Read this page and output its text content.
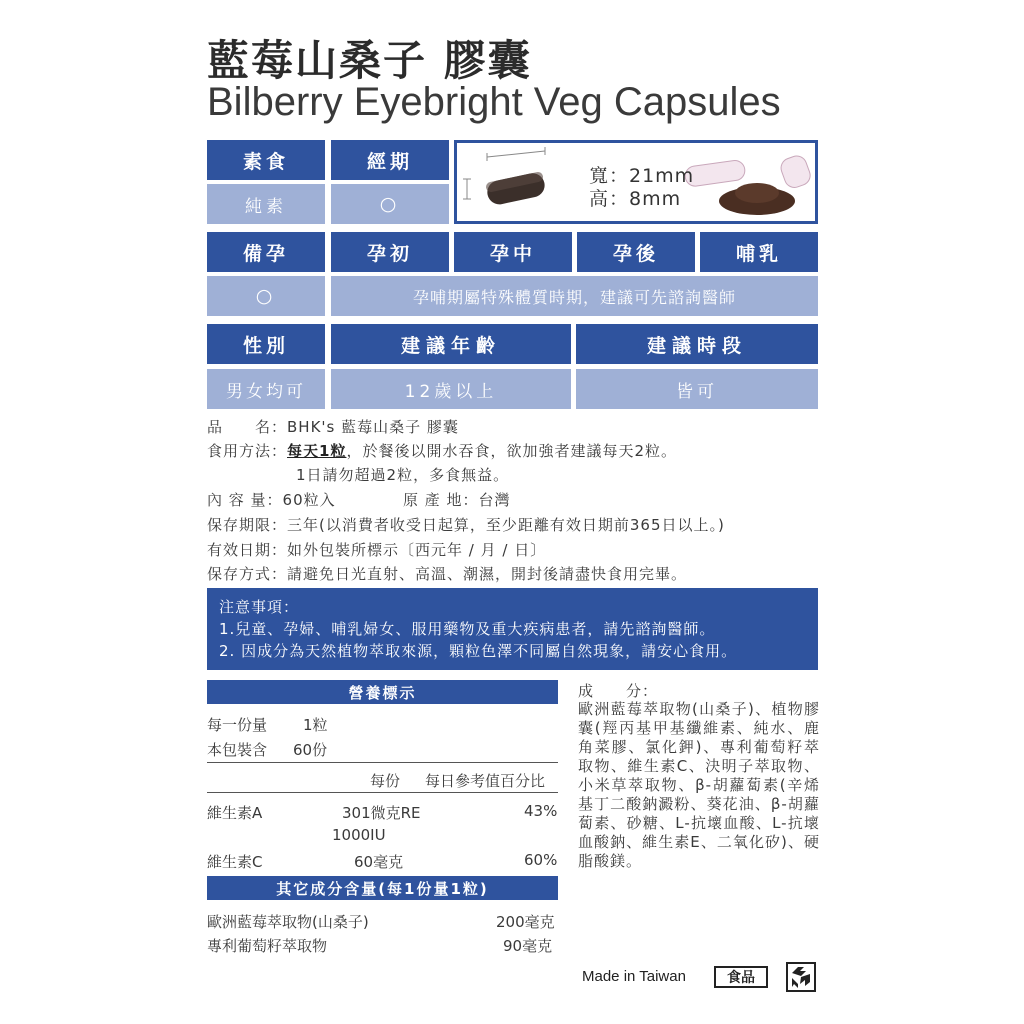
藍莓山桑子 膠囊
Bilberry Eyebright Veg Capsules
素食	經期
純素	○
寬：21mm
高：8mm
備孕	孕初	孕中	孕後	哺乳
○	孕哺期屬特殊體質時期，建議可先諮詢醫師
性別	建議年齡	建議時段
男女均可	12歲以上	皆可
品　　名：BHK's 藍莓山桑子 膠囊
食用方法：每天1粒，於餐後以開水吞食，欲加強者建議每天2粒。
1日請勿超過2粒，多食無益。
內 容 量：60粒入	原 產 地：台灣
保存期限：三年(以消費者收受日起算，至少距離有效日期前365日以上。)
有效日期：如外包裝所標示〔西元年 / 月 / 日〕
保存方式：請避免日光直射、高溫、潮濕，開封後請盡快食用完畢。
注意事項：
1.兒童、孕婦、哺乳婦女、服用藥物及重大疾病患者，請先諮詢醫師。
2. 因成分為天然植物萃取來源，顆粒色澤不同屬自然現象，請安心食用。
營養標示
每一份量 1粒
本包裝含 60份
每份 每日參考值百分比
維生素A	301微克RE	43%
1000IU
維生素C	60毫克	60%
其它成分含量(每1份量1粒)
歐洲藍莓萃取物(山桑子)	200毫克
專利葡萄籽萃取物	90毫克
成　　分：
歐洲藍莓萃取物(山桑子)、植物膠囊(羥丙基甲基纖維素、純水、鹿角菜膠、氯化鉀)、專利葡萄籽萃取物、維生素C、決明子萃取物、小米草萃取物、β-胡蘿蔔素(辛烯基丁二酸鈉澱粉、葵花油、β-胡蘿蔔素、砂糖、L-抗壞血酸、L-抗壞血酸鈉、維生素E、二氧化矽)、硬脂酸鎂。
Made in Taiwan	食品
